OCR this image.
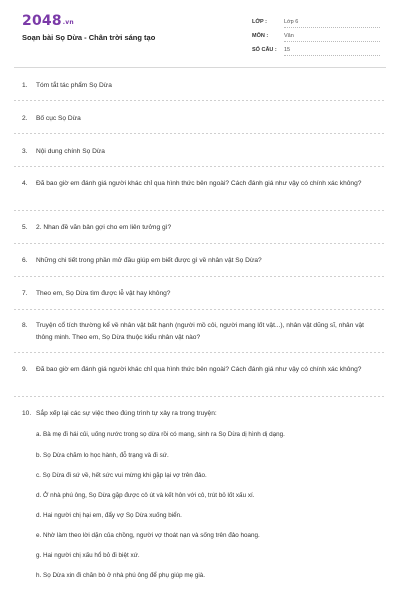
2048.vn
Soạn bài Sọ Dừa - Chân trời sáng tạo
LỚP :	Lớp 6
MÔN :	Văn
SỐ CÂU :	15
1.	Tóm tắt tác phẩm Sọ Dừa
2.	Bố cục Sọ Dừa
3.	Nội dung chính Sọ Dừa
4.	Đã bao giờ em đánh giá người khác chỉ qua hình thức bên ngoài? Cách đánh giá như vậy có chính xác không?
5.	2. Nhan đề văn bản gợi cho em liên tưởng gì?
6.	Những chi tiết trong phần mở đầu giúp em biết được gì về nhân vật Sọ Dừa?
7.	Theo em, Sọ Dừa tìm được lễ vật hay không?
8.	Truyện cổ tích thường kể về nhân vật bất hạnh (người mồ côi, người mang lốt vật...), nhân vật dũng sĩ, nhân vật thông minh. Theo em, Sọ Dừa thuộc kiểu nhân vật nào?
9.	Đã bao giờ em đánh giá người khác chỉ qua hình thức bên ngoài? Cách đánh giá như vậy có chính xác không?
10. Sắp xếp lại các sự việc theo đúng trình tự xảy ra trong truyện:
a. Bà mẹ đi hái củi, uống nước trong sọ dừa rồi có mang, sinh ra Sọ Dừa dị hình dị dạng.
b. Sọ Dừa chăm lo học hành, đỗ trạng và đi sứ.
c. Sọ Dừa đi sứ về, hết sức vui mừng khi gặp lại vợ trên đảo.
d. Ở nhà phú ông, Sọ Dừa gặp được cô út và kết hôn với cô, trút bỏ lốt xấu xí.
d. Hai người chị hại em, đẩy vợ Sọ Dừa xuống biển.
e. Nhờ làm theo lời dặn của chồng, người vợ thoát nạn và sống trên đảo hoang.
g. Hai người chị xấu hổ bỏ đi biệt xứ.
h. Sọ Dừa xin đi chăn bò ở nhà phú ông để phụ giúp mẹ già.
